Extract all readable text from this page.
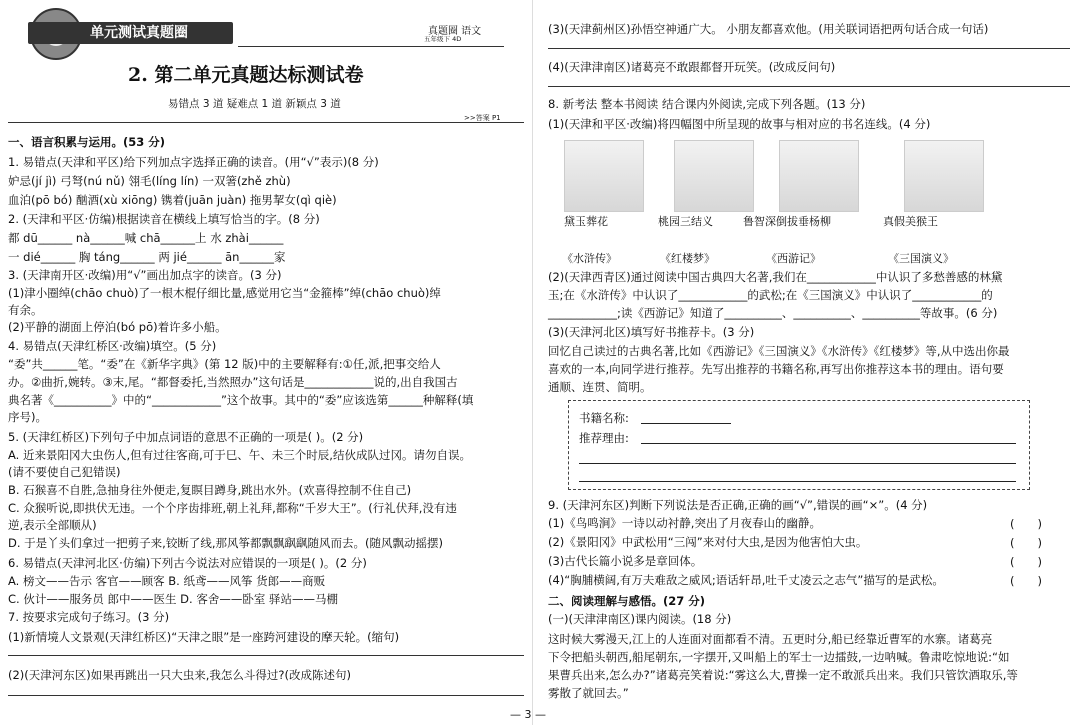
单元测试真题圈	真题圈 语文
五年级下 4D
2. 第二单元真题达标测试卷
易错点 3 道 疑难点 1 道 新颖点 3 道
>>答案 P1
一、语言积累与运用。(53 分)
1. 易错点(天津和平区)给下列加点字选择正确的读音。(用“√”表示)(8 分)
妒忌(jí jì) 弓弩(nú nǔ) 翎毛(líng lín) 一双箸(zhě zhù)
血泊(pō bó) 酗酒(xù xiōng) 镌着(juān juàn) 拖男挈女(qì qiè)
2. (天津和平区·仿编)根据读音在横线上填写恰当的字。(8 分)
都 dū______ nà______喊 chā______上 水 zhài______
一 dié______ 胸 táng______ 两 jié______ ān______家
3. (天津南开区·改编)用“√”画出加点字的读音。(3 分)
(1)津小圈绰(chāo chuò)了一根木棍仔细比量,感觉用它当“金箍棒”绰(chāo chuò)绰
有余。
(2)平静的湖面上停泊(bó pō)着许多小船。
4. 易错点(天津红桥区·改编)填空。(5 分)
“委”共______笔。“委”在《新华字典》(第 12 版)中的主要解释有:①任,派,把事交给人
办。②曲折,婉转。③末,尾。“都督委托,当然照办”这句话是____________说的,出自我国古
典名著《__________》中的“____________”这个故事。其中的“委”应该选第______种解释(填
序号)。
5. (天津红桥区)下列句子中加点词语的意思不正确的一项是( )。(2 分)
A. 近来景阳冈大虫伤人,但有过往客商,可于巳、午、未三个时辰,结伙成队过冈。请勿自误。
(请不要使自己犯错误)
B. 石猴喜不自胜,急抽身往外便走,复瞑目蹲身,跳出水外。(欢喜得控制不住自己)
C. 众猴听说,即拱伏无违。一个个序齿排班,朝上礼拜,都称“千岁大王”。(行礼伏拜,没有违
逆,表示全部顺从)
D. 于是丫头们拿过一把剪子来,铰断了线,那风筝都飘飘飖飖随风而去。(随风飘动摇摆)
6. 易错点(天津河北区·仿编)下列古今说法对应错误的一项是( )。(2 分)
A. 榜文——告示 客官——顾客 B. 纸鸢——风筝 货郎——商贩
C. 伙计——服务员 郎中——医生 D. 客舍——卧室 驿站——马棚
7. 按要求完成句子练习。(3 分)
(1)新情境人文景观(天津红桥区)“天津之眼”是一座跨河建设的摩天轮。(缩句)
(2)(天津河东区)如果再跳出一只大虫来,我怎么斗得过?(改成陈述句)
(3)(天津蓟州区)孙悟空神通广大。 小朋友都喜欢他。(用关联词语把两句话合成一句话)
(4)(天津津南区)诸葛亮不敢跟都督开玩笑。(改成反问句)
8. 新考法 整本书阅读 结合课内外阅读,完成下列各题。(13 分)
(1)(天津和平区·改编)将四幅图中所呈现的故事与相对应的书名连线。(4 分)
黛玉葬花	桃园三结义	鲁智深倒拔垂杨柳	真假美猴王
《水浒传》	《红楼梦》	《西游记》	《三国演义》
(2)(天津西青区)通过阅读中国古典四大名著,我们在____________中认识了多愁善感的林黛
玉;在《水浒传》中认识了____________的武松;在《三国演义》中认识了____________的
____________;读《西游记》知道了__________、__________、__________等故事。(6 分)
(3)(天津河北区)填写好书推荐卡。(3 分)
回忆自己读过的古典名著,比如《西游记》《三国演义》《水浒传》《红楼梦》等,从中选出你最
喜欢的一本,向同学进行推荐。先写出推荐的书籍名称,再写出你推荐这本书的理由。语句要
通顺、连贯、简明。
书籍名称:
推荐理由:
9. (天津河东区)判断下列说法是否正确,正确的画“√”,错误的画“×”。(4 分)
(1)《鸟鸣涧》一诗以动衬静,突出了月夜春山的幽静。	(　　)
(2)《景阳冈》中武松用“三闯”来对付大虫,是因为他害怕大虫。	(　　)
(3)古代长篇小说多是章回体。	(　　)
(4)“胸脯横阔,有万夫难敌之威风;语话轩昂,吐千丈凌云之志气”描写的是武松。	(　　)
二、阅读理解与感悟。(27 分)
(一)(天津津南区)课内阅读。(18 分)
这时候大雾漫天,江上的人连面对面都看不清。五更时分,船已经靠近曹军的水寨。诸葛亮
下令把船头朝西,船尾朝东,一字摆开,又叫船上的军士一边擂鼓,一边呐喊。鲁肃吃惊地说:“如
果曹兵出来,怎么办?”诸葛亮笑着说:“雾这么大,曹操一定不敢派兵出来。我们只管饮酒取乐,等
雾散了就回去。”
— 3 —
